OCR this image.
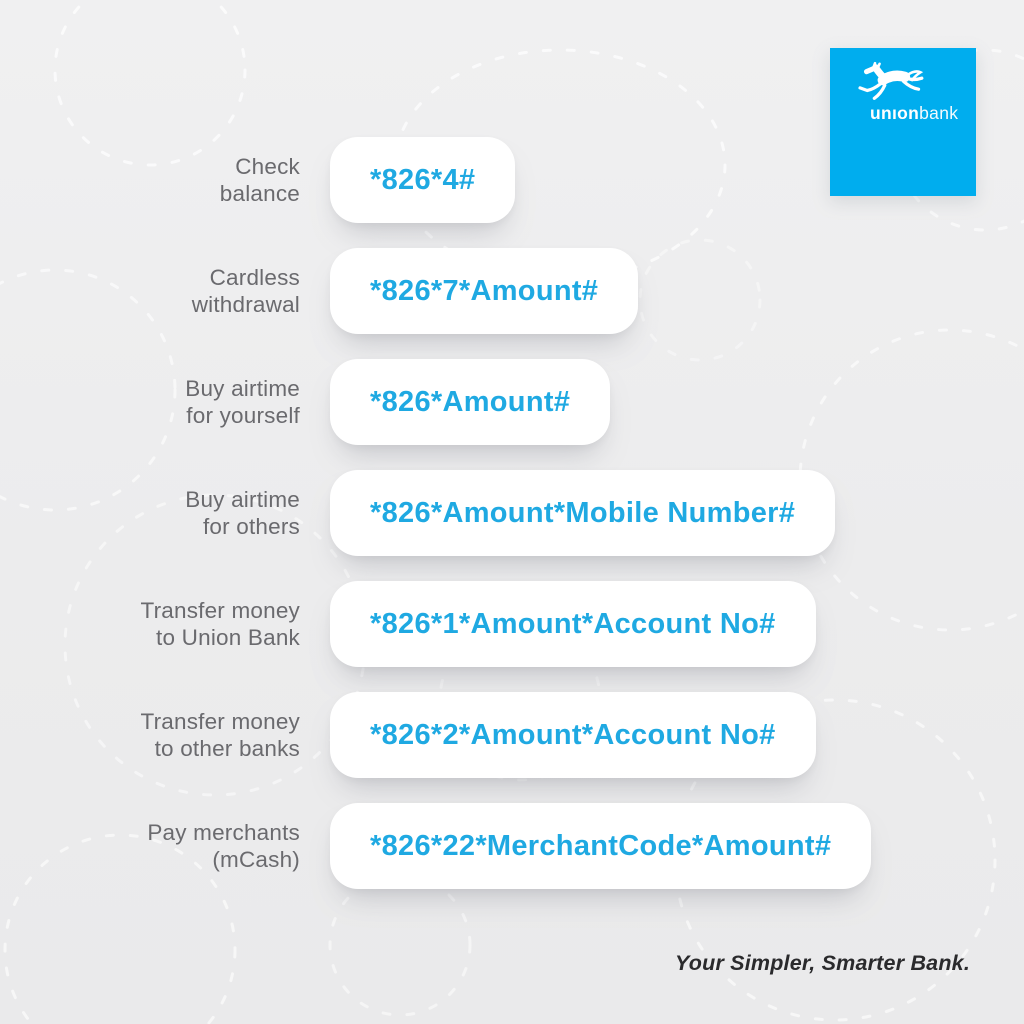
unıonbank
Check
balance *826*4#
Cardless
withdrawal *826*7*Amount#
Buy airtime
for yourself *826*Amount#
Buy airtime
for others *826*Amount*Mobile Number#
Transfer money
to Union Bank *826*1*Amount*Account No#
Transfer money
to other banks *826*2*Amount*Account No#
Pay merchants
(mCash) *826*22*MerchantCode*Amount#
Your Simpler, Smarter Bank.
